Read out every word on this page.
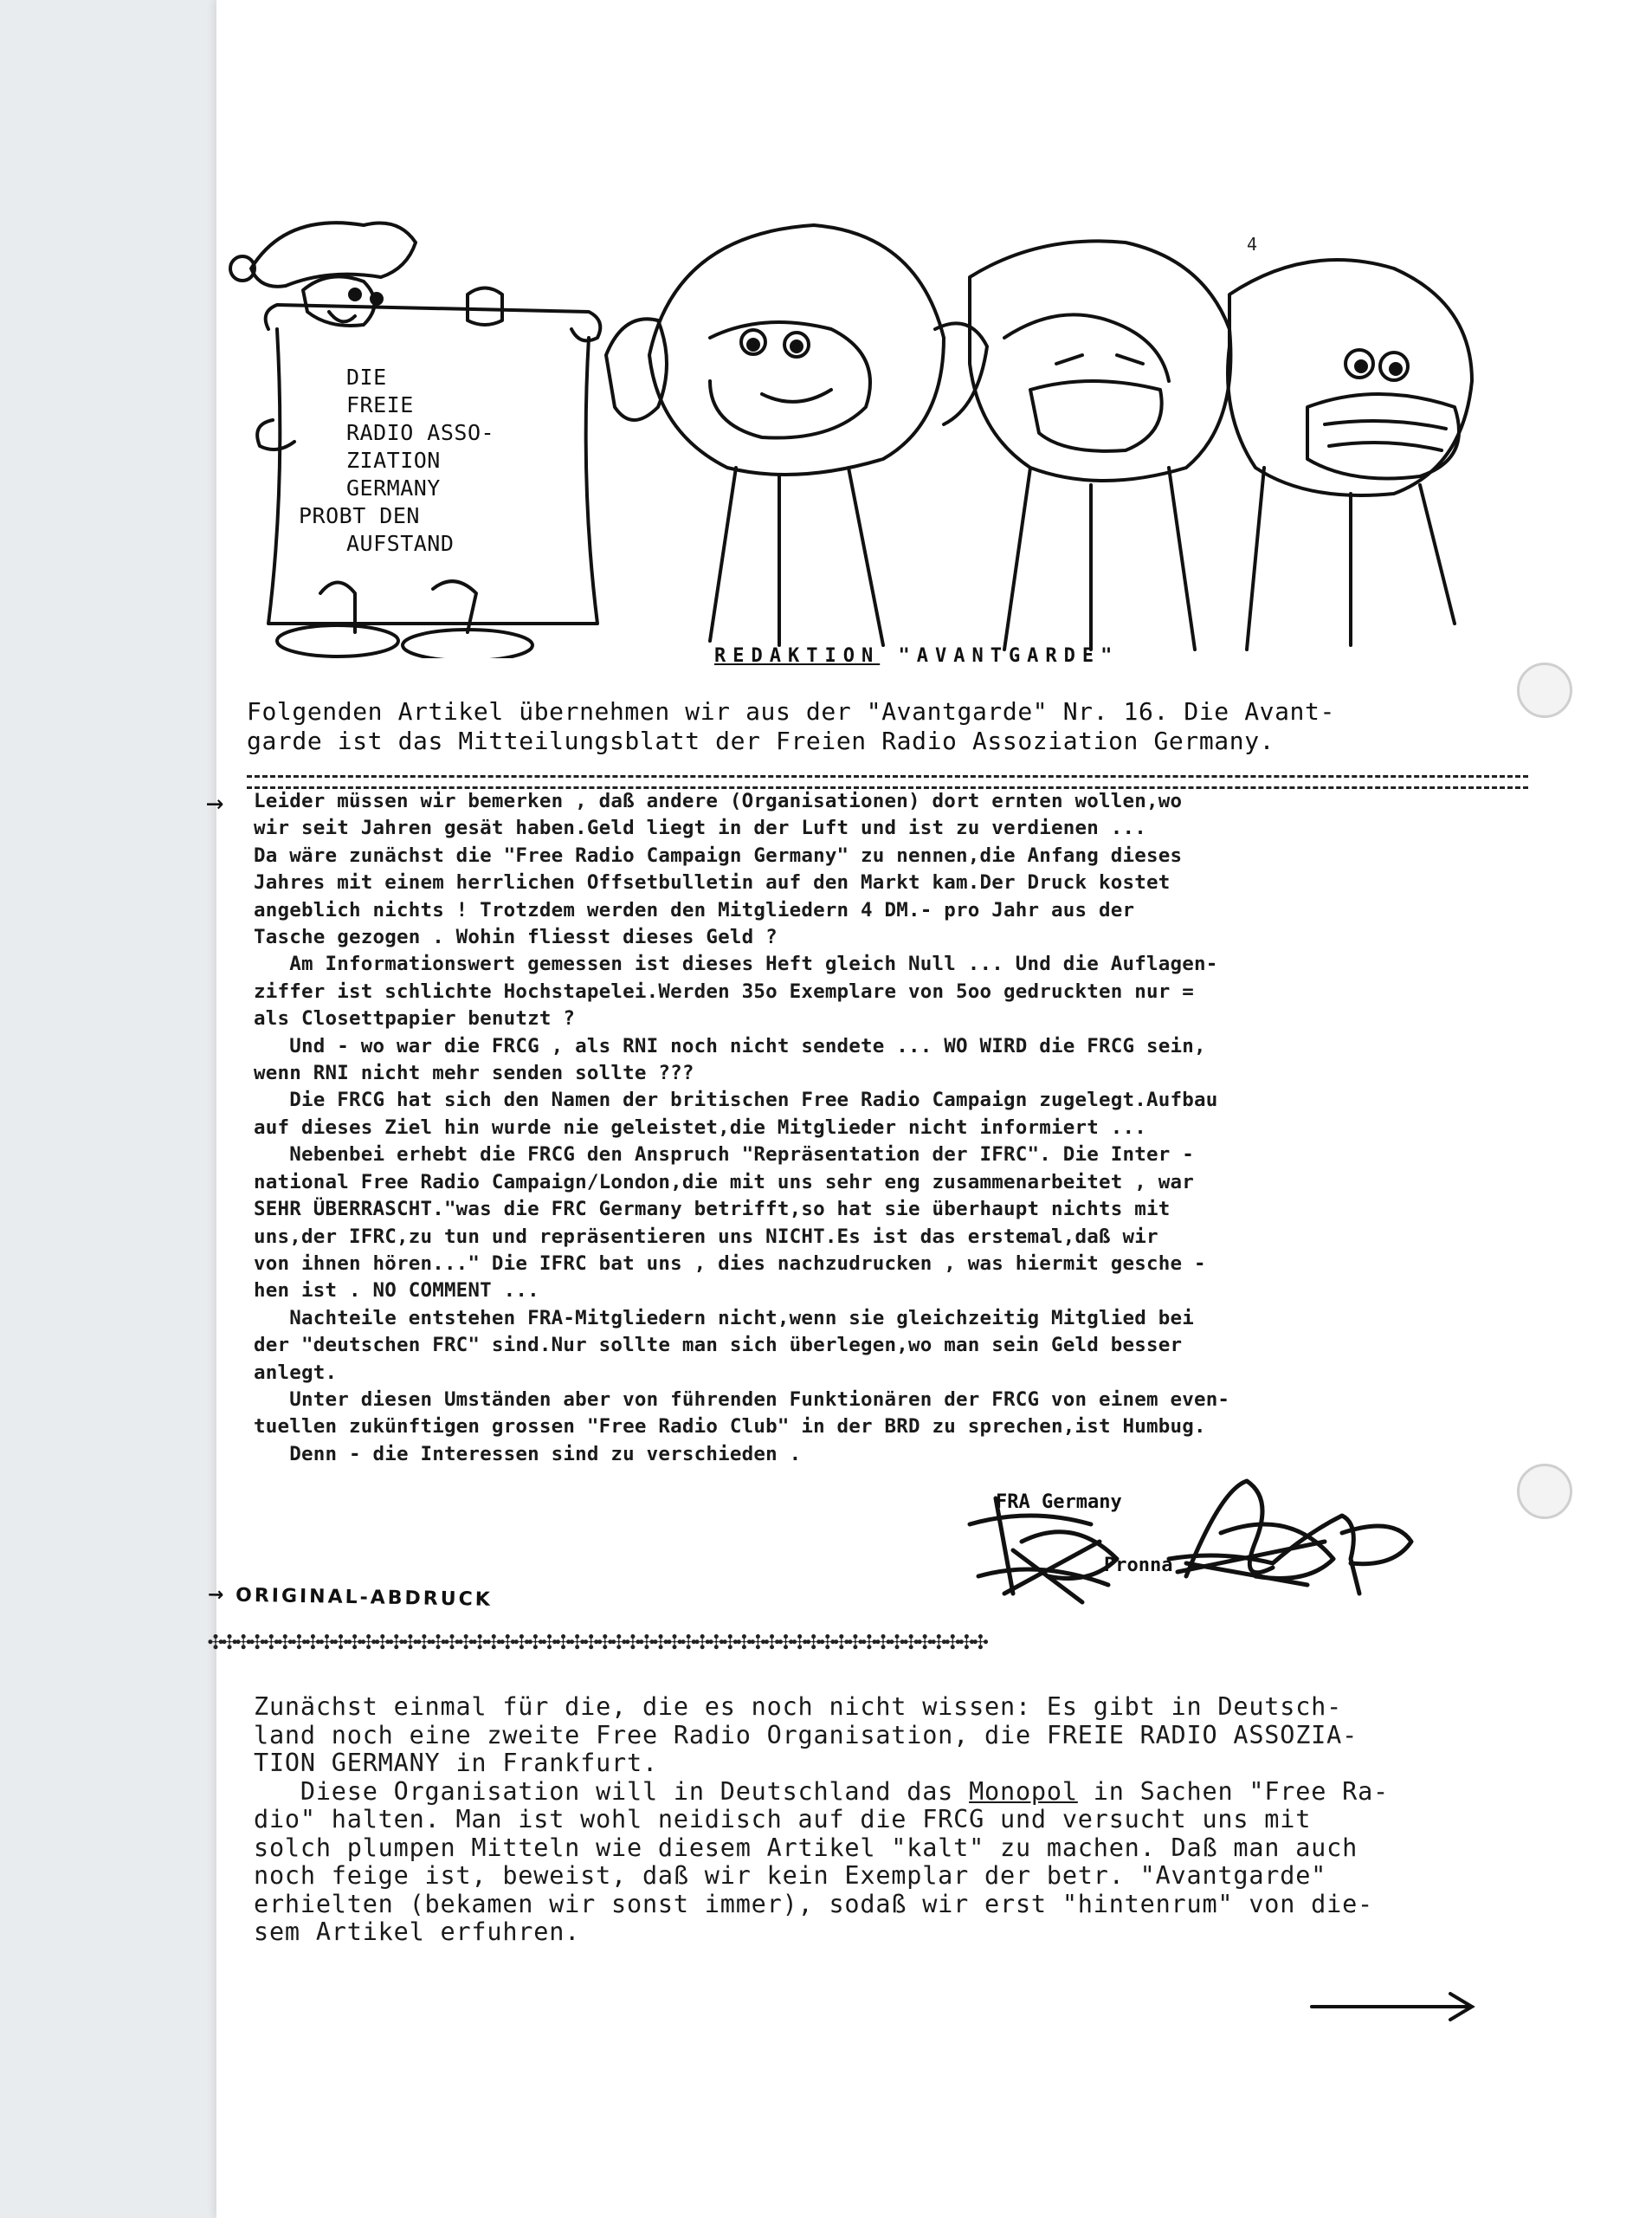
4
DIE
FREIE
RADIO ASSO-
ZIATION
GERMANY
PROBT DEN
AUFSTAND
REDAKTION "AVANTGARDE"
Folgenden Artikel übernehmen wir aus der "Avantgarde" Nr. 16. Die Avant-
garde ist das Mitteilungsblatt der Freien Radio Assoziation Germany.
→ Leider müssen wir bemerken , daß andere (Organisationen) dort ernten wollen,wo
wir seit Jahren gesät haben.Geld liegt in der Luft und ist zu verdienen ...
Da wäre zunächst die "Free Radio Campaign Germany" zu nennen,die Anfang dieses
Jahres mit einem herrlichen Offsetbulletin auf den Markt kam.Der Druck kostet
angeblich nichts ! Trotzdem werden den Mitgliedern 4 DM.- pro Jahr aus der
Tasche gezogen . Wohin fliesst dieses Geld ?
Am Informationswert gemessen ist dieses Heft gleich Null ... Und die Auflagen-
ziffer ist schlichte Hochstapelei.Werden 35o Exemplare von 5oo gedruckten nur =
als Closettpapier benutzt ?
Und - wo war die FRCG , als RNI noch nicht sendete ... WO WIRD die FRCG sein,
wenn RNI nicht mehr senden sollte ???
Die FRCG hat sich den Namen der britischen Free Radio Campaign zugelegt.Aufbau
auf dieses Ziel hin wurde nie geleistet,die Mitglieder nicht informiert ...
Nebenbei erhebt die FRCG den Anspruch "Repräsentation der IFRC". Die Inter -
national Free Radio Campaign/London,die mit uns sehr eng zusammenarbeitet , war
SEHR ÜBERRASCHT."was die FRC Germany betrifft,so hat sie überhaupt nichts mit
uns,der IFRC,zu tun und repräsentieren uns NICHT.Es ist das erstemal,daß wir
von ihnen hören..." Die IFRC bat uns , dies nachzudrucken , was hiermit gesche -
hen ist . NO COMMENT ...
Nachteile entstehen FRA-Mitgliedern nicht,wenn sie gleichzeitig Mitglied bei
der "deutschen FRC" sind.Nur sollte man sich überlegen,wo man sein Geld besser
anlegt.
Unter diesen Umständen aber von führenden Funktionären der FRCG von einem even-
tuellen zukünftigen grossen "Free Radio Club" in der BRD zu sprechen,ist Humbug.
Denn - die Interessen sind zu verschieden .
FRA Germany
Pronna
→ ORIGINAL-ABDRUCK
✣✣✣✣✣✣✣✣✣✣✣✣✣✣✣✣✣✣✣✣✣✣✣✣✣✣✣✣✣✣✣✣✣✣✣✣✣✣✣✣✣✣✣✣✣✣✣✣✣✣✣✣✣✣✣✣
Zunächst einmal für die, die es noch nicht wissen: Es gibt in Deutsch-
land noch eine zweite Free Radio Organisation, die FREIE RADIO ASSOZIA-
TION GERMANY in Frankfurt.
Diese Organisation will in Deutschland das Monopol in Sachen "Free Ra-
dio" halten. Man ist wohl neidisch auf die FRCG und versucht uns mit
solch plumpen Mitteln wie diesem Artikel "kalt" zu machen. Daß man auch
noch feige ist, beweist, daß wir kein Exemplar der betr. "Avantgarde"
erhielten (bekamen wir sonst immer), sodaß wir erst "hintenrum" von die-
sem Artikel erfuhren.
